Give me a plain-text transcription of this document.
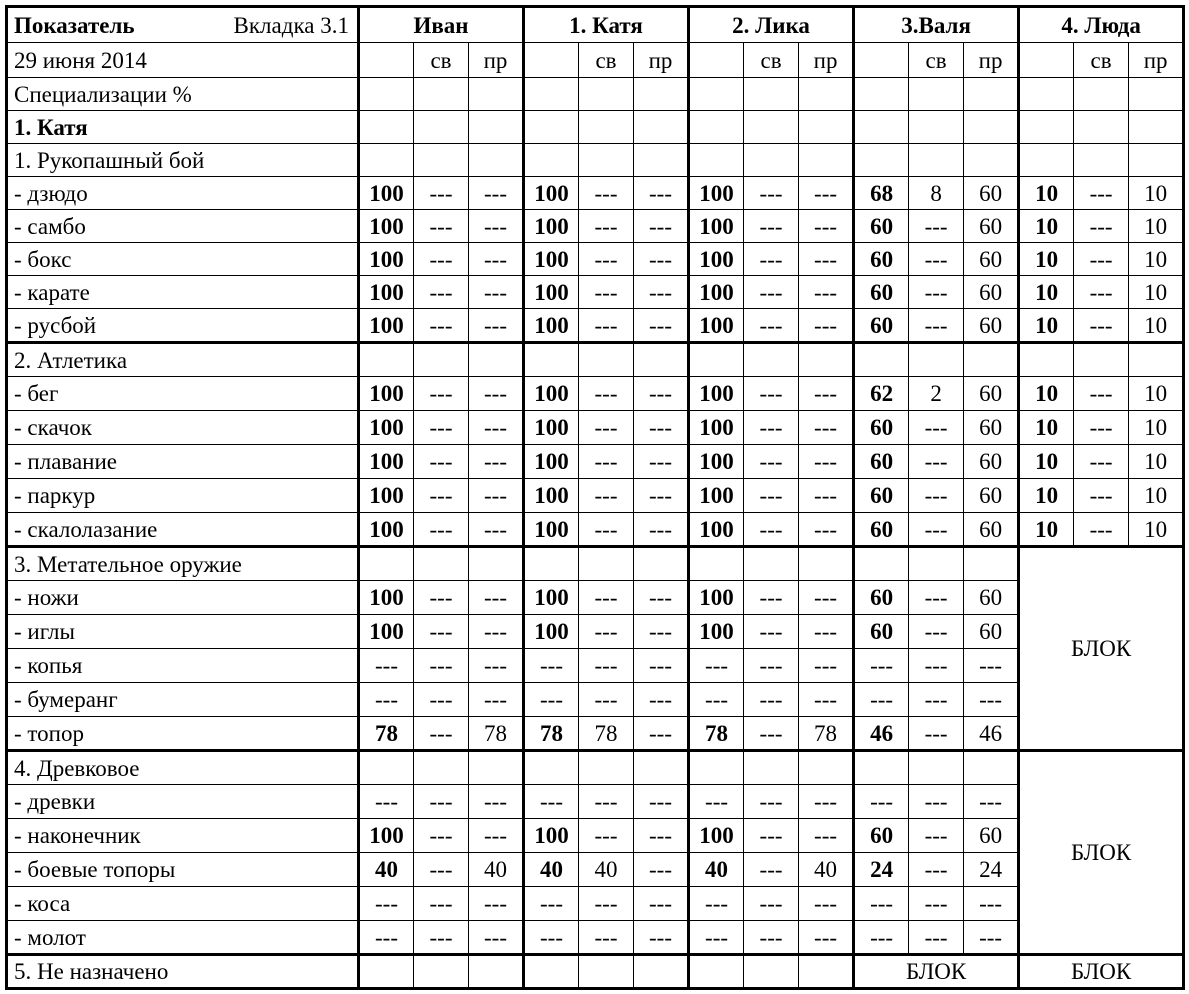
Показатель Вкладка 3.1	Иван			1. Катя			2. Лика			3.Валя			4. Люда		
29 июня 2014		св	пр		св	пр		св	пр		св	пр		св	пр
Специализации %															
1. Катя															
1. Рукопашный бой															
- дзюдо	100	---	---	100	---	---	100	---	---	68	8	60	10	---	10
- самбо	100	---	---	100	---	---	100	---	---	60	---	60	10	---	10
- бокс	100	---	---	100	---	---	100	---	---	60	---	60	10	---	10
- карате	100	---	---	100	---	---	100	---	---	60	---	60	10	---	10
- русбой	100	---	---	100	---	---	100	---	---	60	---	60	10	---	10
2. Атлетика															
- бег	100	---	---	100	---	---	100	---	---	62	2	60	10	---	10
- скачок	100	---	---	100	---	---	100	---	---	60	---	60	10	---	10
- плавание	100	---	---	100	---	---	100	---	---	60	---	60	10	---	10
- паркур	100	---	---	100	---	---	100	---	---	60	---	60	10	---	10
- скалолазание	100	---	---	100	---	---	100	---	---	60	---	60	10	---	10
3. Метательное оружие													БЛОК		
- ножи	100	---	---	100	---	---	100	---	---	60	---	60			
- иглы	100	---	---	100	---	---	100	---	---	60	---	60			
- копья	---	---	---	---	---	---	---	---	---	---	---	---			
- бумеранг	---	---	---	---	---	---	---	---	---	---	---	---			
- топор	78	---	78	78	78	---	78	---	78	46	---	46			
4. Древковое													БЛОК		
- древки	---	---	---	---	---	---	---	---	---	---	---	---			
- наконечник	100	---	---	100	---	---	100	---	---	60	---	60			
- боевые топоры	40	---	40	40	40	---	40	---	40	24	---	24			
- коса	---	---	---	---	---	---	---	---	---	---	---	---			
- молот	---	---	---	---	---	---	---	---	---	---	---	---			
5. Не назначено										БЛОК			БЛОК		
